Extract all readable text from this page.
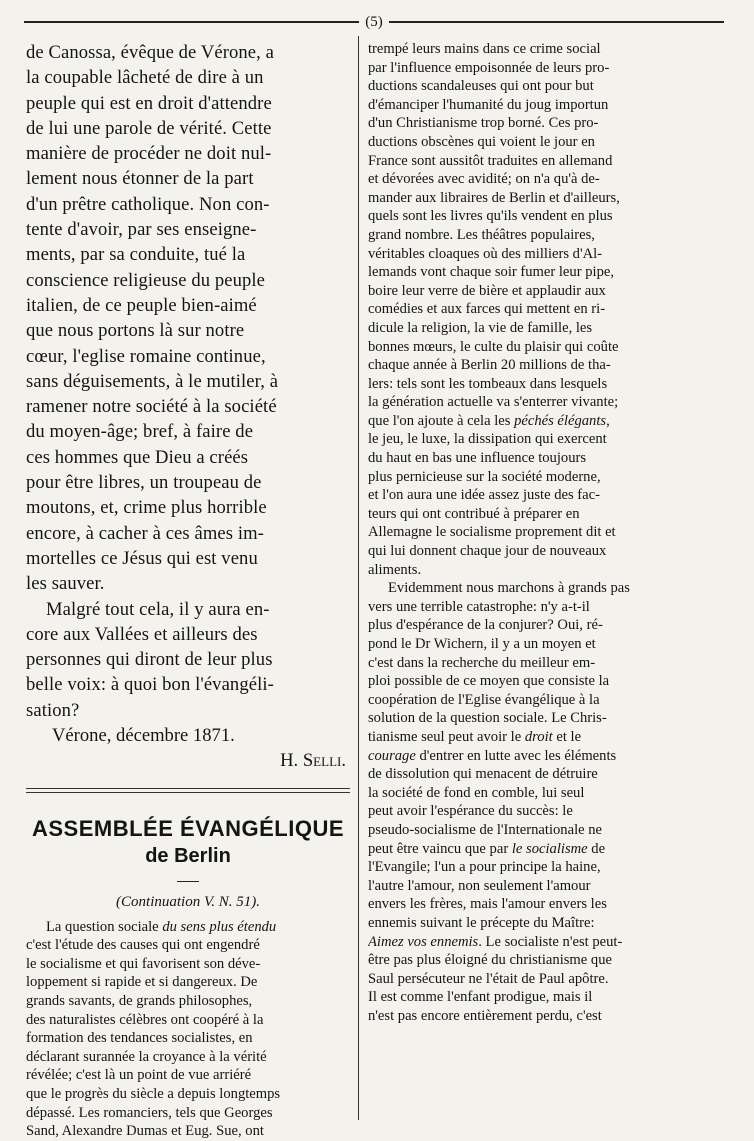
(5)
de Canossa, évêque de Vérone, a
la coupable lâcheté de dire à un
peuple qui est en droit d'attendre
de lui une parole de vérité. Cette
manière de procéder ne doit nul-
lement nous étonner de la part
d'un prêtre catholique. Non con-
tente d'avoir, par ses enseigne-
ments, par sa conduite, tué la
conscience religieuse du peuple
italien, de ce peuple bien-aimé
que nous portons là sur notre
cœur, l'eglise romaine continue,
sans déguisements, à le mutiler, à
ramener notre société à la société
du moyen-âge; bref, à faire de
ces hommes que Dieu a créés
pour être libres, un troupeau de
moutons, et, crime plus horrible
encore, à cacher à ces âmes im-
mortelles ce Jésus qui est venu
les sauver.
Malgré tout cela, il y aura en-
core aux Vallées et ailleurs des
personnes qui diront de leur plus
belle voix: à quoi bon l'évangéli-
sation?
Vérone, décembre 1871.
H. Selli.
ASSEMBLÉE ÉVANGÉLIQUE
de Berlin
(Continuation V. N. 51).
La question sociale du sens plus étendu
c'est l'étude des causes qui ont engendré
le socialisme et qui favorisent son déve-
loppement si rapide et si dangereux. De
grands savants, de grands philosophes,
des naturalistes célèbres ont coopéré à la
formation des tendances socialistes, en
déclarant surannée la croyance à la vérité
révélée; c'est là un point de vue arriéré
que le progrès du siècle a depuis longtemps
dépassé. Les romanciers, tels que Georges
Sand, Alexandre Dumas et Eug. Sue, ont
trempé leurs mains dans ce crime social
par l'influence empoisonnée de leurs pro-
ductions scandaleuses qui ont pour but
d'émanciper l'humanité du joug importun
d'un Christianisme trop borné. Ces pro-
ductions obscènes qui voient le jour en
France sont aussitôt traduites en allemand
et dévorées avec avidité; on n'a qu'à de-
mander aux libraires de Berlin et d'ailleurs,
quels sont les livres qu'ils vendent en plus
grand nombre. Les théâtres populaires,
véritables cloaques où des milliers d'Al-
lemands vont chaque soir fumer leur pipe,
boire leur verre de bière et applaudir aux
comédies et aux farces qui mettent en ri-
dicule la religion, la vie de famille, les
bonnes mœurs, le culte du plaisir qui coûte
chaque année à Berlin 20 millions de tha-
lers: tels sont les tombeaux dans lesquels
la génération actuelle va s'enterrer vivante;
que l'on ajoute à cela les péchés élégants,
le jeu, le luxe, la dissipation qui exercent
du haut en bas une influence toujours
plus pernicieuse sur la société moderne,
et l'on aura une idée assez juste des fac-
teurs qui ont contribué à préparer en
Allemagne le socialisme proprement dit et
qui lui donnent chaque jour de nouveaux
aliments.
Evidemment nous marchons à grands pas
vers une terrible catastrophe: n'y a-t-il
plus d'espérance de la conjurer? Oui, ré-
pond le Dr Wichern, il y a un moyen et
c'est dans la recherche du meilleur em-
ploi possible de ce moyen que consiste la
coopération de l'Eglise évangélique à la
solution de la question sociale. Le Chris-
tianisme seul peut avoir le droit et le
courage d'entrer en lutte avec les éléments
de dissolution qui menacent de détruire
la société de fond en comble, lui seul
peut avoir l'espérance du succès: le
pseudo-socialisme de l'Internationale ne
peut être vaincu que par le socialisme de
l'Evangile; l'un a pour principe la haine,
l'autre l'amour, non seulement l'amour
envers les frères, mais l'amour envers les
ennemis suivant le précepte du Maître:
Aimez vos ennemis. Le socialiste n'est peut-
être pas plus éloigné du christianisme que
Saul persécuteur ne l'était de Paul apôtre.
Il est comme l'enfant prodigue, mais il
n'est pas encore entièrement perdu, c'est
